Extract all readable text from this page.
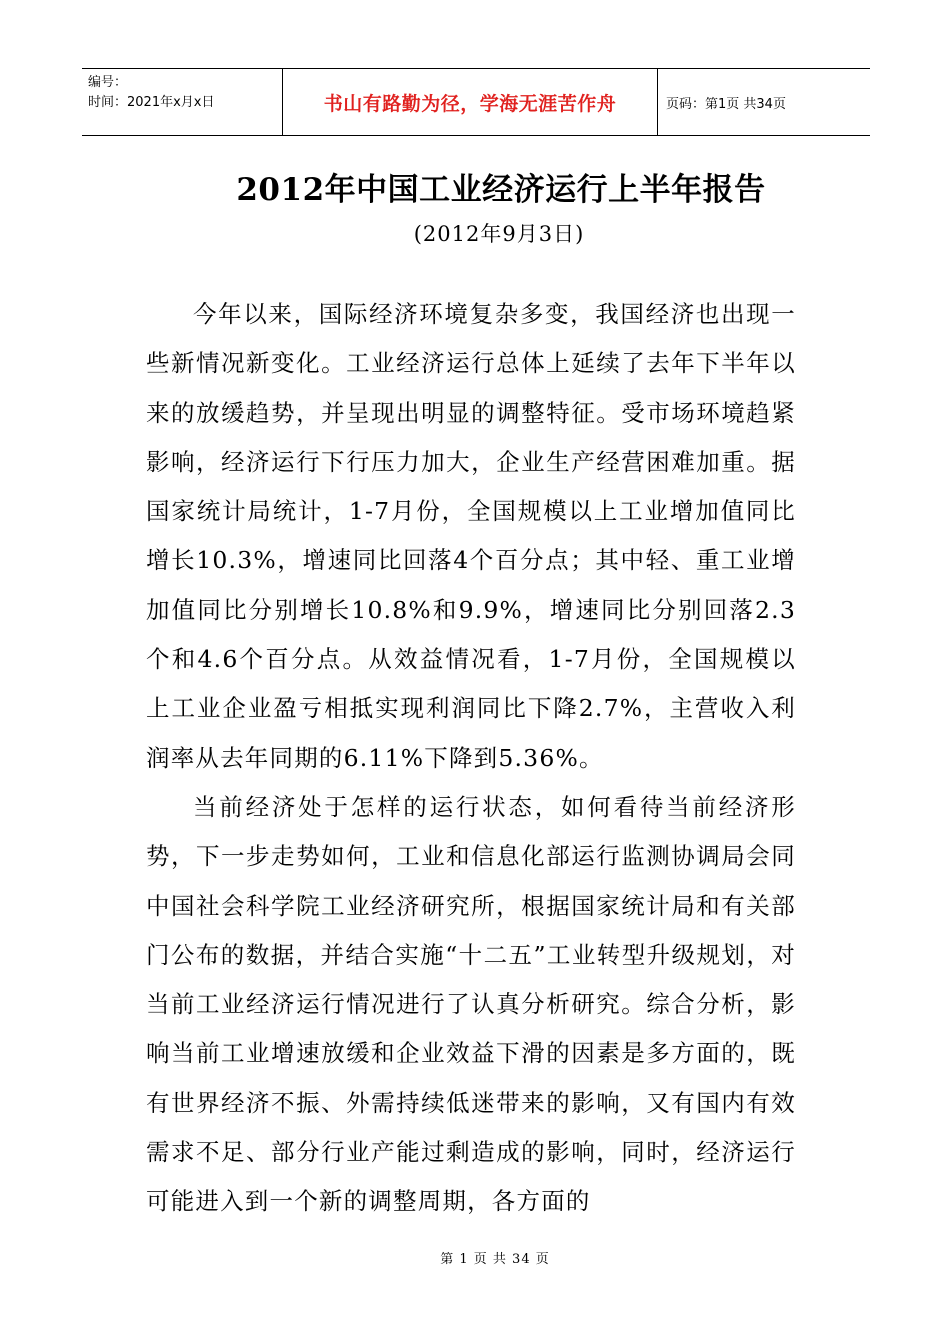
编号：
时间：2021年x月x日	书山有路勤为径，学海无涯苦作舟	页码：第1页 共34页
2012年中国工业经济运行上半年报告
(2012年9月3日)

今年以来，国际经济环境复杂多变，我国经济也出现一些新情况新变化。工业经济运行总体上延续了去年下半年以来的放缓趋势，并呈现出明显的调整特征。受市场环境趋紧影响，经济运行下行压力加大，企业生产经营困难加重。据国家统计局统计，1-7月份，全国规模以上工业增加值同比增长10.3%，增速同比回落4个百分点；其中轻、重工业增加值同比分别增长10.8%和9.9%，增速同比分别回落2.3个和4.6个百分点。从效益情况看，1-7月份，全国规模以上工业企业盈亏相抵实现利润同比下降2.7%，主营收入利润率从去年同期的6.11%下降到5.36%。

当前经济处于怎样的运行状态，如何看待当前经济形势，下一步走势如何，工业和信息化部运行监测协调局会同中国社会科学院工业经济研究所，根据国家统计局和有关部门公布的数据，并结合实施“十二五”工业转型升级规划，对当前工业经济运行情况进行了认真分析研究。综合分析，影响当前工业增速放缓和企业效益下滑的因素是多方面的，既有世界经济不振、外需持续低迷带来的影响，又有国内有效需求不足、部分行业产能过剩造成的影响，同时，经济运行可能进入到一个新的调整周期，各方面的

第 1 页 共 34 页
